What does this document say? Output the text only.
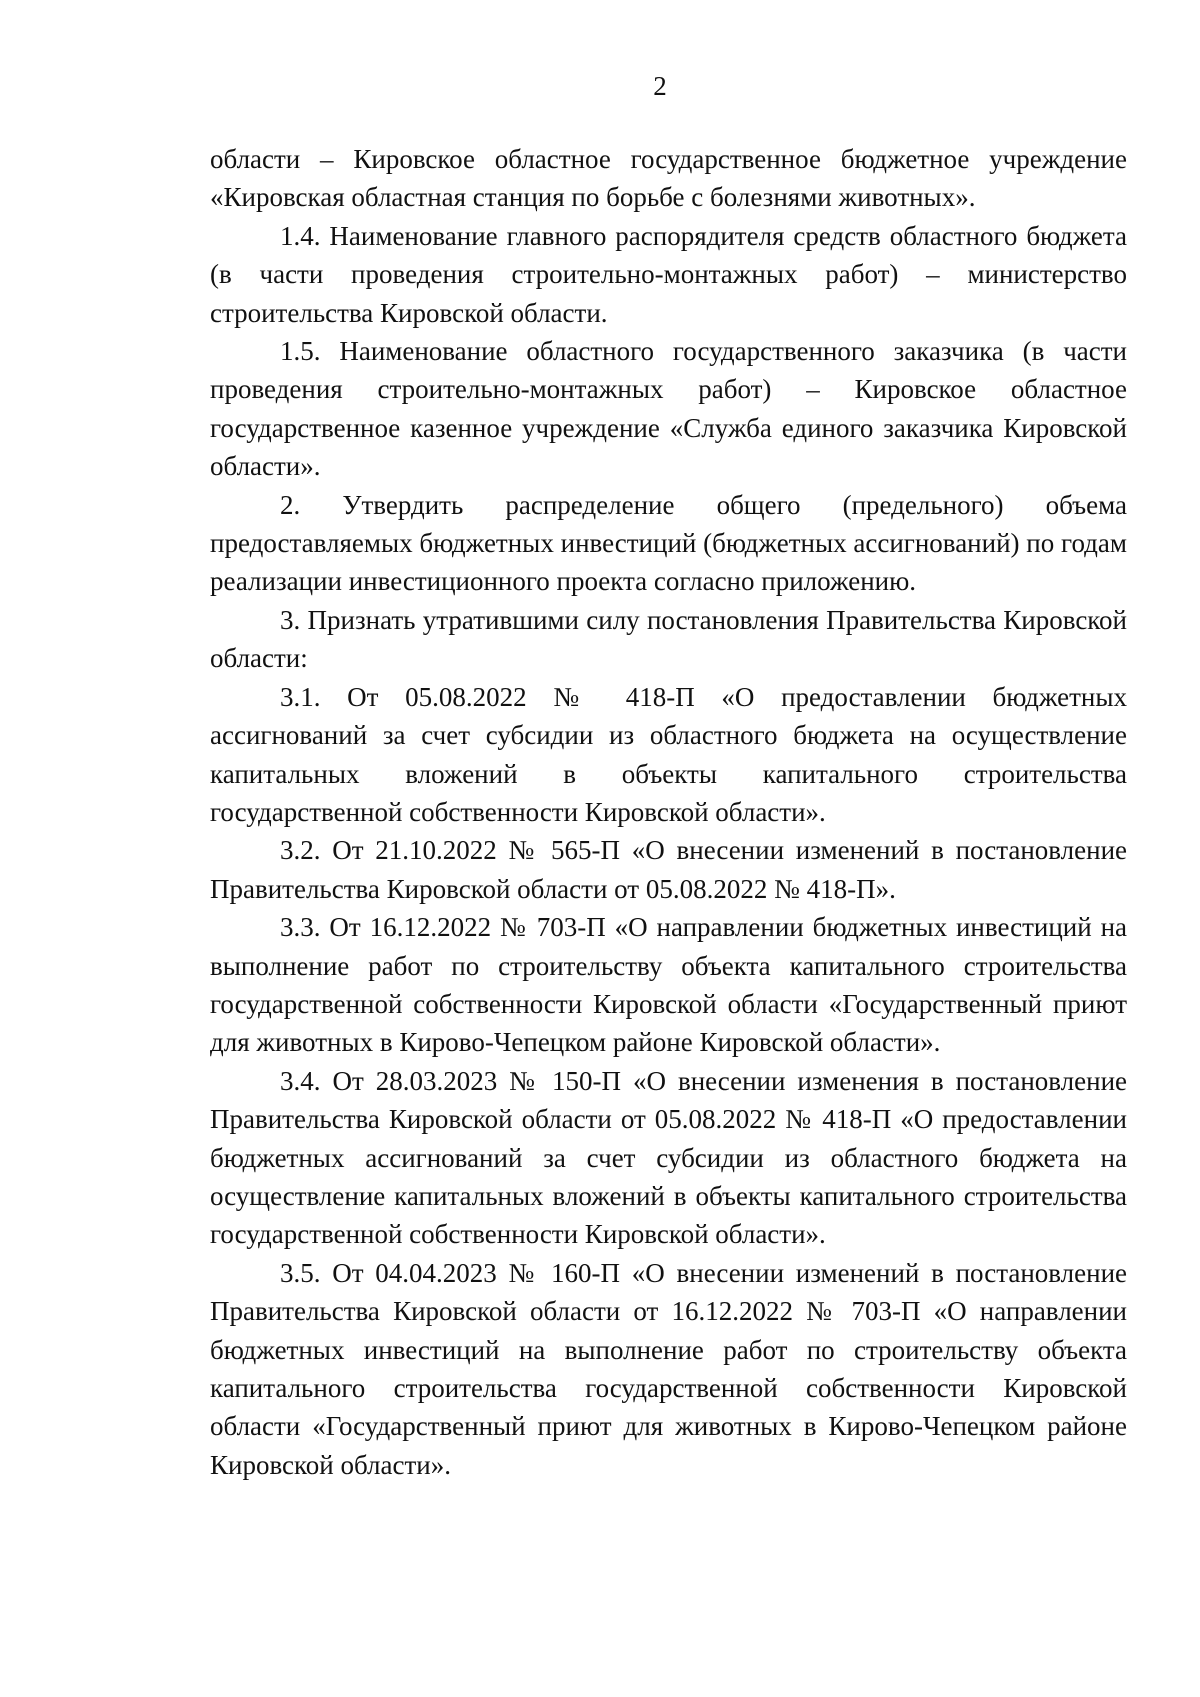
2

области – Кировское областное государственное бюджетное учреждение «Кировская областная станция по борьбе с болезнями животных».

1.4. Наименование главного распорядителя средств областного бюджета (в части проведения строительно-монтажных работ) – министерство строительства Кировской области.

1.5. Наименование областного государственного заказчика (в части проведения строительно-монтажных работ) – Кировское областное государственное казенное учреждение «Служба единого заказчика Кировской области».

2. Утвердить распределение общего (предельного) объема предоставляемых бюджетных инвестиций (бюджетных ассигнований) по годам реализации инвестиционного проекта согласно приложению.

3. Признать утратившими силу постановления Правительства Кировской области:

3.1. От 05.08.2022 № 418-П «О предоставлении бюджетных ассигнований за счет субсидии из областного бюджета на осуществление капитальных вложений в объекты капитального строительства государственной собственности Кировской области».

3.2. От 21.10.2022 № 565-П «О внесении изменений в постановление Правительства Кировской области от 05.08.2022 № 418-П».

3.3. От 16.12.2022 № 703-П «О направлении бюджетных инвестиций на выполнение работ по строительству объекта капитального строительства государственной собственности Кировской области «Государственный приют для животных в Кирово-Чепецком районе Кировской области».

3.4. От 28.03.2023 № 150-П «О внесении изменения в постановление Правительства Кировской области от 05.08.2022 № 418-П «О предоставлении бюджетных ассигнований за счет субсидии из областного бюджета на осуществление капитальных вложений в объекты капитального строительства государственной собственности Кировской области».

3.5. От 04.04.2023 № 160-П «О внесении изменений в постановление Правительства Кировской области от 16.12.2022 № 703-П «О направлении бюджетных инвестиций на выполнение работ по строительству объекта капитального строительства государственной собственности Кировской области «Государственный приют для животных в Кирово-Чепецком районе Кировской области».
